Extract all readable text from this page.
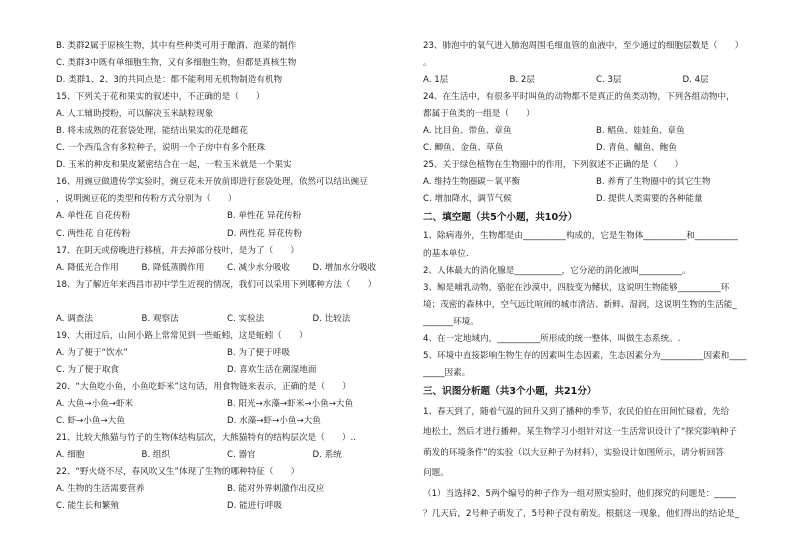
B. 类群2属于原核生物，其中有些种类可用于酿酒、泡菜的制作
C. 类群3中既有单细胞生物，又有多细胞生物，但都是真核生物
D. 类群1、2、3的共同点是：都不能利用无机物制造有机物
15、下列关于花和果实的叙述中，不正确的是（　　）
A. 人工辅助授粉，可以解决玉米缺粒现象
B. 将未成熟的花套袋处理，能结出果实的花是雌花
C. 一个西瓜含有多粒种子，说明一个子房中有多个胚珠
D. 玉米的种皮和果皮紧密结合在一起，一粒玉米就是一个果实
16、用豌豆做遗传学实验时，豌豆花未开放前即进行套袋处理，依然可以结出豌豆
，说明豌豆花的类型和传粉方式分别为（　　）
A. 单性花 自花传粉	B. 单性花 异花传粉
C. 两性花 自花传粉	D. 两性花 异花传粉
17、在阴天或傍晚进行移植，并去掉部分枝叶，是为了（　　）
A. 降低光合作用	B. 降低蒸腾作用	C. 减少水分吸收	D. 增加水分吸收
18、为了解近年来西昌市初中学生近视的情况，我们可以采用下列哪种方法（　　）
A. 调查法	B. 观察法	C. 实验法	D. 比较法
19、大雨过后，山间小路上常常见到一些蚯蚓，这是蚯蚓（　　）
A. 为了便于“饮水”	B. 为了便于呼吸
C. 为了便于取食	D. 喜欢生活在潮湿地面
20、“大鱼吃小鱼，小鱼吃虾米”这句话，用食物链来表示，正确的是（　　）
A. 大鱼→小鱼→虾米	B. 阳光→水藻→虾米→小鱼→大鱼
C. 虾→小鱼→大鱼	D. 水藻→虾→小鱼→大鱼
21、比较大熊猫与竹子的生物体结构层次，大熊猫特有的结构层次是（　　）..
A. 细胞	B. 组织	C. 器官	D. 系统
22、“野火烧不尽，春风吹又生”体现了生物的哪种特征（　　）
A. 生物的生活需要营养	B. 能对外界刺激作出反应
C. 能生长和繁殖	D. 能进行呼吸
23、肺泡中的氧气进入肺泡周围毛细血管的血液中，至少通过的细胞层数是（　　）
。
A. 1层	B. 2层	C. 3层	D. 4层
24、在生活中，有很多平时叫鱼的动物都不是真正的鱼类动物，下列各组动物中，
都属于鱼类的一组是（　　）
A. 比目鱼、带鱼、章鱼	B. 鲳鱼、娃娃鱼、章鱼
C. 鲫鱼、金鱼、草鱼	D. 青鱼、鳙鱼、鲍鱼
25、关于绿色植物在生物圈中的作用，下列叙述不正确的是（　　）
A. 维持生物圈碳－氧平衡	B. 养育了生物圈中的其它生物
C. 增加降水，调节气候	D. 提供人类需要的各种能量
二、填空题（共5个小题，共10分）
1、除病毒外，生物都是由__________构成的，它是生物体__________和__________
的基本单位.
2、人体最大的消化腺是___________，它分泌的消化液叫__________。
3、鲸是哺乳动物，骆驼在沙漠中，四肢变为鳍状，这说明生物能够__________环
境；茂密的森林中，空气远比喧闹的城市清洁、新鲜、湿润，这说明生物的生活能_
_______环境。
4、在一定地域内，__________所形成的统一整体，叫做生态系统。.
5、环境中直接影响生物生存的因素叫生态因素，生态因素分为__________因素和____
_____因素。
三、识图分析题（共3个小题，共21分）
1、春天到了，随着气温的回升又到了播种的季节，农民伯伯在田间忙碌着，先给
地松土，然后才进行播种。某生物学习小组针对这一生活常识设计了“探究影响种子
萌发的环境条件”的实验（以大豆种子为材料），实验设计如图所示，请分析回答
问题。
（1）当选择2、5两个编号的种子作为一组对照实验时，他们探究的问题是：_____
？几天后，2号种子萌发了，5号种子没有萌发。根据这一现象，他们得出的结论是_
